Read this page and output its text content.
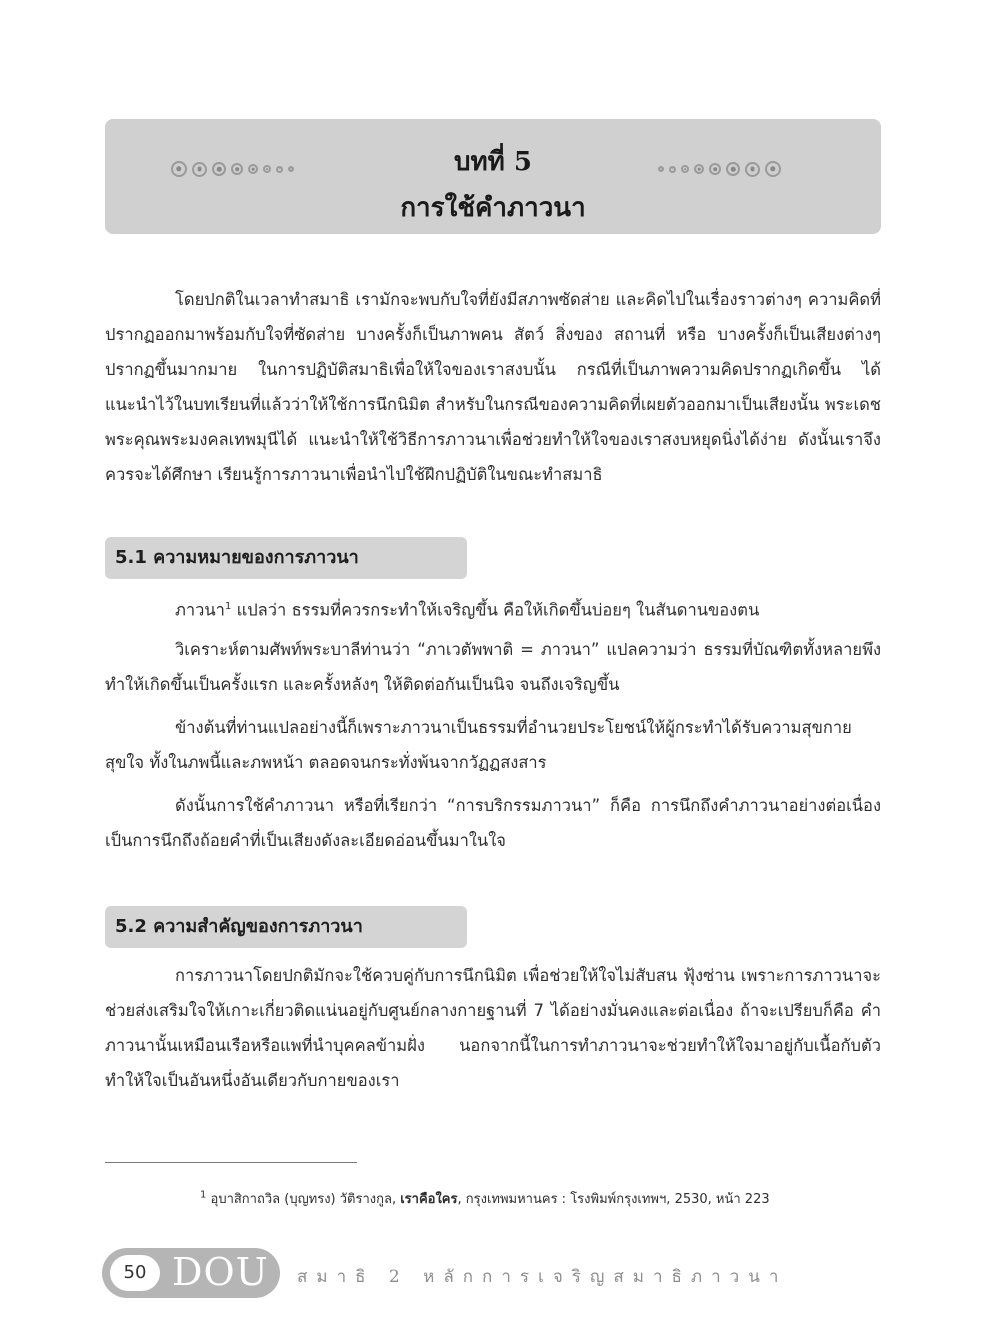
บทที่ 5
การใช้คำภาวนา

โดยปกติในเวลาทำสมาธิ เรามักจะพบกับใจที่ยังมีสภาพซัดส่าย และคิดไปในเรื่องราวต่างๆ ความคิดที่ปรากฏออกมาพร้อมกับใจที่ซัดส่าย บางครั้งก็เป็นภาพคน สัตว์ สิ่งของ สถานที่ หรือ บางครั้งก็เป็นเสียงต่างๆ ปรากฏขึ้นมากมาย ในการปฏิบัติสมาธิเพื่อให้ใจของเราสงบนั้น กรณีที่เป็นภาพความคิดปรากฏเกิดขึ้น ได้แนะนำไว้ในบทเรียนที่แล้วว่าให้ใช้การนึกนิมิต สำหรับในกรณีของความคิดที่เผยตัวออกมาเป็นเสียงนั้น พระเดชพระคุณพระมงคลเทพมุนีได้ แนะนำให้ใช้วิธีการภาวนาเพื่อช่วยทำให้ใจของเราสงบหยุดนิ่งได้ง่าย ดังนั้นเราจึงควรจะได้ศึกษา เรียนรู้การภาวนาเพื่อนำไปใช้ฝึกปฏิบัติในขณะทำสมาธิ

5.1 ความหมายของการภาวนา

ภาวนา$^1$ แปลว่า ธรรมที่ควรกระทำให้เจริญขึ้น คือให้เกิดขึ้นบ่อยๆ ในสันดานของตน

วิเคราะห์ตามศัพท์พระบาลีท่านว่า “ภาเวตัพพาติ = ภาวนา” แปลความว่า ธรรมที่บัณฑิตทั้งหลายพึงทำให้เกิดขึ้นเป็นครั้งแรก และครั้งหลังๆ ให้ติดต่อกันเป็นนิจ จนถึงเจริญขึ้น

ข้างต้นที่ท่านแปลอย่างนี้ก็เพราะภาวนาเป็นธรรมที่อำนวยประโยชน์ให้ผู้กระทำได้รับความสุขกาย สุขใจ ทั้งในภพนี้และภพหน้า ตลอดจนกระทั่งพ้นจากวัฏฏสงสาร

ดังนั้นการใช้คำภาวนา หรือที่เรียกว่า “การบริกรรมภาวนา” ก็คือ การนึกถึงคำภาวนาอย่างต่อเนื่อง เป็นการนึกถึงถ้อยคำที่เป็นเสียงดังละเอียดอ่อนขึ้นมาในใจ

5.2 ความสำคัญของการภาวนา

การภาวนาโดยปกติมักจะใช้ควบคู่กับการนึกนิมิต เพื่อช่วยให้ใจไม่สับสน ฟุ้งซ่าน เพราะการภาวนาจะช่วยส่งเสริมใจให้เกาะเกี่ยวติดแน่นอยู่กับศูนย์กลางกายฐานที่ 7 ได้อย่างมั่นคงและต่อเนื่อง ถ้าจะเปรียบก็คือ คำภาวนานั้นเหมือนเรือหรือแพที่นำบุคคลข้ามฝั่ง นอกจากนี้ในการทำภาวนาจะช่วยทำให้ใจมาอยู่กับเนื้อกับตัว ทำให้ใจเป็นอันหนึ่งอันเดียวกับกายของเรา

$^1$ อุบาสิกาถวิล (บุญทรง) วัติรางกูล, เราคือใคร, กรุงเทพมหานคร : โรงพิมพ์กรุงเทพฯ, 2530, หน้า 223
50 DOU สมาธิ 2 หลักการเจริญสมาธิภาวนา
